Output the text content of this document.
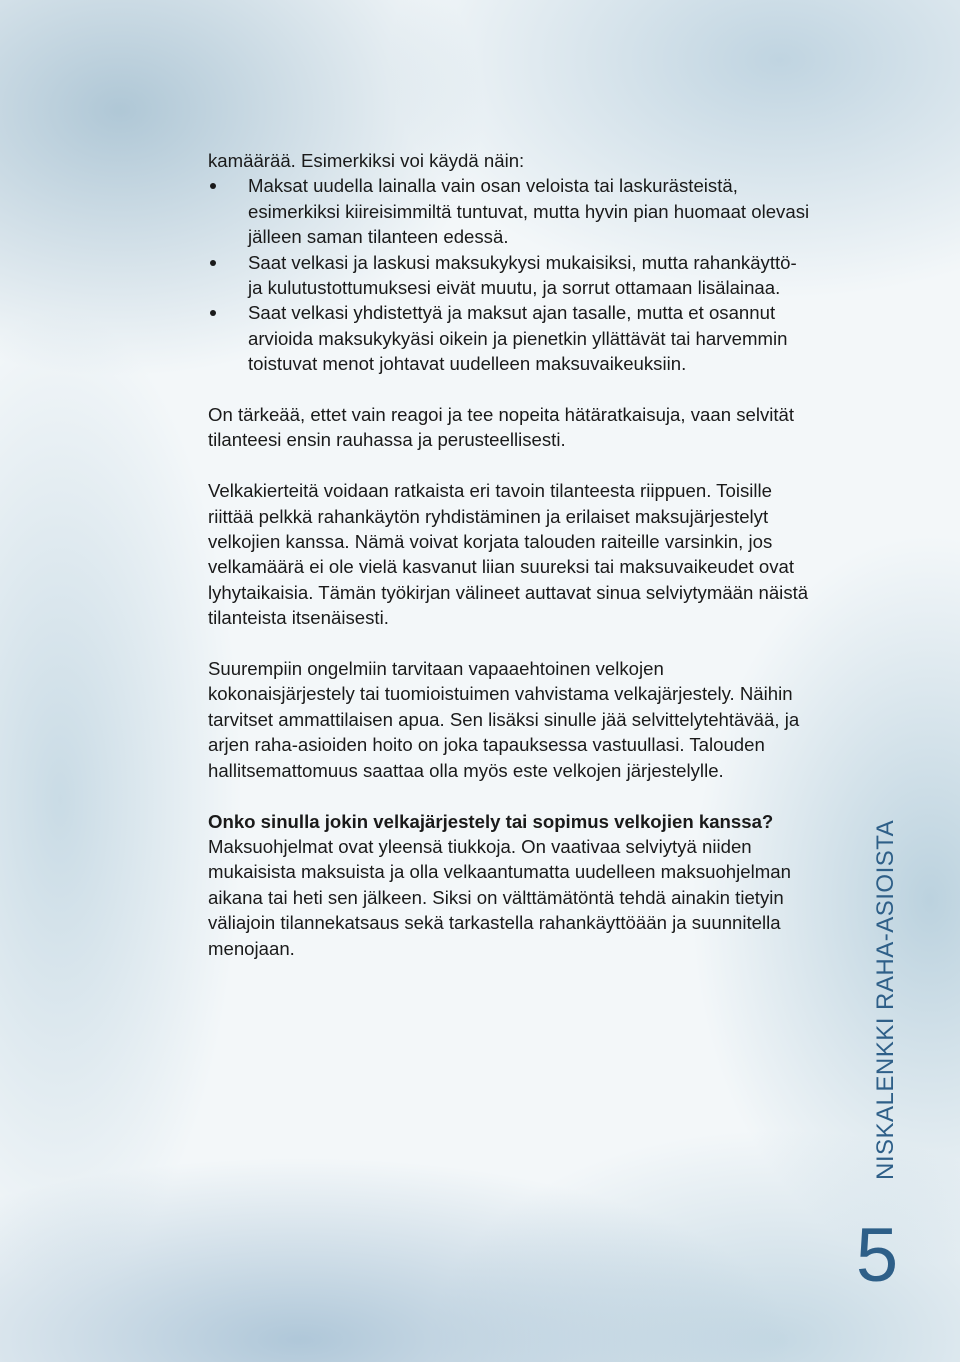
kamäärää. Esimerkiksi voi käydä näin:

Maksat uudella lainalla vain osan veloista tai laskurästeistä, esimerkiksi kiireisimmiltä tuntuvat, mutta hyvin pian huomaat olevasi jälleen saman tilanteen edessä.
Saat velkasi ja laskusi maksukykysi mukaisiksi, mutta rahankäyttö- ja kulutustottumuksesi eivät muutu, ja sorrut ottamaan lisälainaa.
Saat velkasi yhdistettyä ja maksut ajan tasalle, mutta et osannut arvioida maksukykyäsi oikein ja pienetkin yllättävät tai harvemmin toistuvat menot johtavat uudelleen maksuvaikeuksiin.

On tärkeää, ettet vain reagoi ja tee nopeita hätäratkaisuja, vaan selvität tilanteesi ensin rauhassa ja perusteellisesti.

Velkakierteitä voidaan ratkaista eri tavoin tilanteesta riippuen. Toisille riittää pelkkä rahankäytön ryhdistäminen ja erilaiset maksujärjestelyt velkojien kanssa. Nämä voivat korjata talouden raiteille varsinkin, jos velkamäärä ei ole vielä kasvanut liian suureksi tai maksuvaikeudet ovat lyhytaikaisia. Tämän työkirjan välineet auttavat sinua selviytymään näistä tilanteista itsenäisesti.

Suurempiin ongelmiin tarvitaan vapaaehtoinen velkojen kokonaisjärjestely tai tuomioistuimen vahvistama velkajärjestely. Näihin tarvitset ammattilaisen apua. Sen lisäksi sinulle jää selvittelytehtävää, ja arjen raha-asioiden hoito on joka tapauksessa vastuullasi. Talouden hallitsemattomuus saattaa olla myös este velkojen järjestelylle.

Onko sinulla jokin velkajärjestely tai sopimus velkojien kanssa?

Maksuohjelmat ovat yleensä tiukkoja. On vaativaa selviytyä niiden mukaisista maksuista ja olla velkaantumatta uudelleen maksuohjelman aikana tai heti sen jälkeen. Siksi on välttämätöntä tehdä ainakin tietyin väliajoin tilannekatsaus sekä tarkastella rahankäyttöään ja suunnitella menojaan.	NISKALENKKI RAHA-ASIOISTA
5
